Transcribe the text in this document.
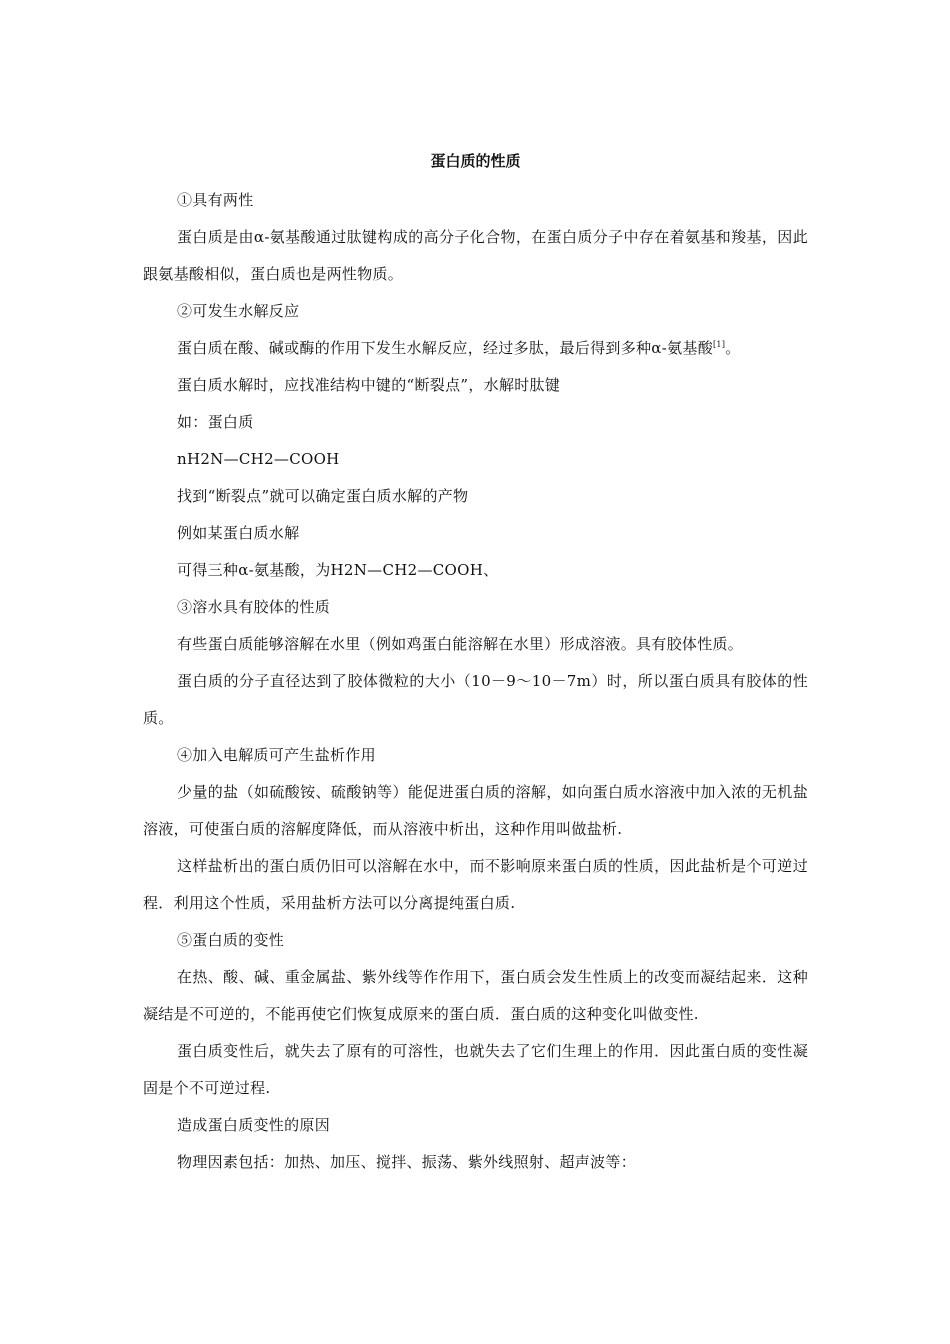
蛋白质的性质

①具有两性

蛋白质是由α-氨基酸通过肽键构成的高分子化合物，在蛋白质分子中存在着氨基和羧基，因此跟氨基酸相似，蛋白质也是两性物质。

②可发生水解反应

蛋白质在酸、碱或酶的作用下发生水解反应，经过多肽，最后得到多种α-氨基酸[1]。

蛋白质水解时，应找准结构中键的“断裂点”，水解时肽键

如：蛋白质

nH2N—CH2—COOH

找到“断裂点”就可以确定蛋白质水解的产物

例如某蛋白质水解

可得三种α-氨基酸，为H2N—CH2—COOH、

③溶水具有胶体的性质

有些蛋白质能够溶解在水里（例如鸡蛋白能溶解在水里）形成溶液。具有胶体性质。

蛋白质的分子直径达到了胶体微粒的大小（10－9～10－7m）时，所以蛋白质具有胶体的性质。

④加入电解质可产生盐析作用

少量的盐（如硫酸铵、硫酸钠等）能促进蛋白质的溶解，如向蛋白质水溶液中加入浓的无机盐溶液，可使蛋白质的溶解度降低，而从溶液中析出，这种作用叫做盐析.

这样盐析出的蛋白质仍旧可以溶解在水中，而不影响原来蛋白质的性质，因此盐析是个可逆过程．利用这个性质，采用盐析方法可以分离提纯蛋白质.

⑤蛋白质的变性

在热、酸、碱、重金属盐、紫外线等作作用下，蛋白质会发生性质上的改变而凝结起来．这种凝结是不可逆的，不能再使它们恢复成原来的蛋白质．蛋白质的这种变化叫做变性.

蛋白质变性后，就失去了原有的可溶性，也就失去了它们生理上的作用．因此蛋白质的变性凝固是个不可逆过程.

造成蛋白质变性的原因

物理因素包括：加热、加压、搅拌、振荡、紫外线照射、超声波等：
